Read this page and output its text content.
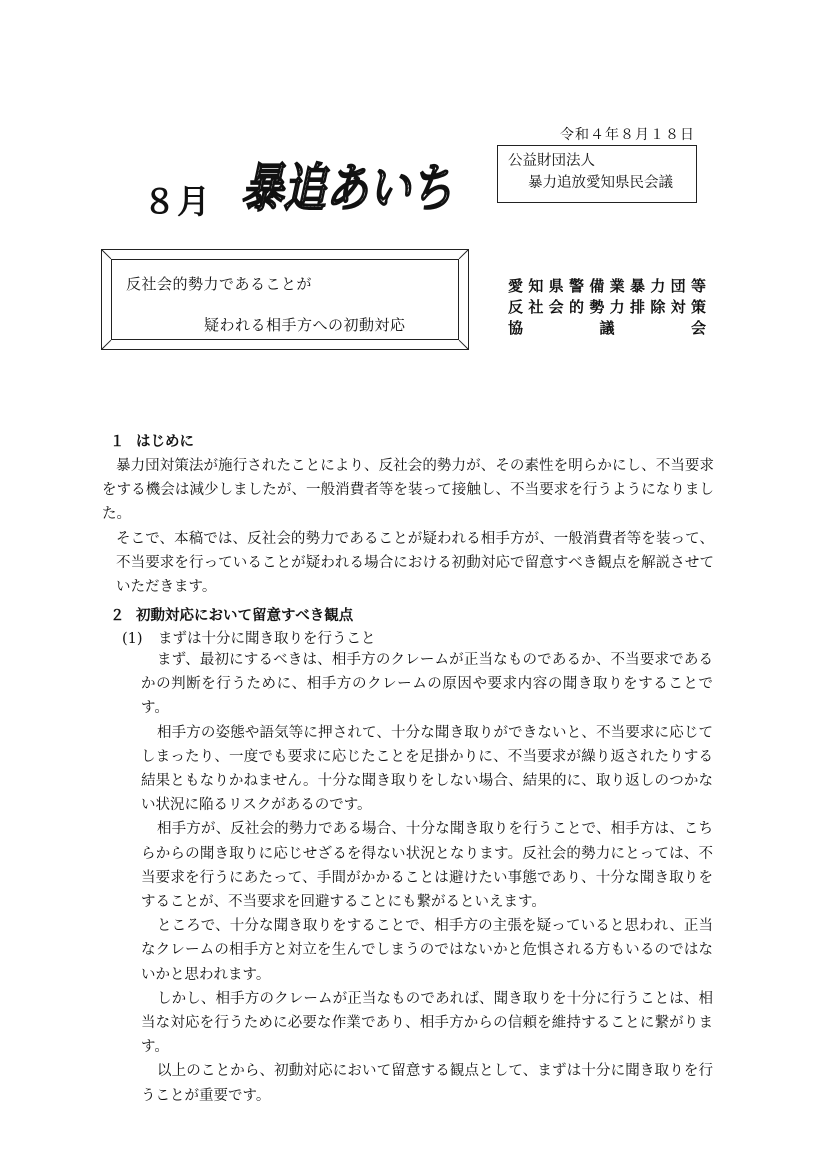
令和４年８月１８日
公益財団法人
暴力追放愛知県民会議
８月 暴追あいち
反社会的勢力であることが
疑われる相手方への初動対応
愛知県警備業暴力団等
反社会的勢力排除対策
協議会
１ はじめに

暴力団対策法が施行されたことにより、反社会的勢力が、その素性を明らかにし、不当要求をする機会は減少しましたが、一般消費者等を装って接触し、不当要求を行うようになりました。

そこで、本稿では、反社会的勢力であることが疑われる相手方が、一般消費者等を装って、不当要求を行っていることが疑われる場合における初動対応で留意すべき観点を解説させていただきます。

２ 初動対応において留意すべき観点
(1) まずは十分に聞き取りを行うこと

まず、最初にするべきは、相手方のクレームが正当なものであるか、不当要求であるかの判断を行うために、相手方のクレームの原因や要求内容の聞き取りをすることです。

相手方の姿態や語気等に押されて、十分な聞き取りができないと、不当要求に応じてしまったり、一度でも要求に応じたことを足掛かりに、不当要求が繰り返されたりする結果ともなりかねません。十分な聞き取りをしない場合、結果的に、取り返しのつかない状況に陥るリスクがあるのです。

相手方が、反社会的勢力である場合、十分な聞き取りを行うことで、相手方は、こちらからの聞き取りに応じせざるを得ない状況となります。反社会的勢力にとっては、不当要求を行うにあたって、手間がかかることは避けたい事態であり、十分な聞き取りをすることが、不当要求を回避することにも繋がるといえます。

ところで、十分な聞き取りをすることで、相手方の主張を疑っていると思われ、正当なクレームの相手方と対立を生んでしまうのではないかと危惧される方もいるのではないかと思われます。

しかし、相手方のクレームが正当なものであれば、聞き取りを十分に行うことは、相当な対応を行うために必要な作業であり、相手方からの信頼を維持することに繋がります。

以上のことから、初動対応において留意する観点として、まずは十分に聞き取りを行うことが重要です。
